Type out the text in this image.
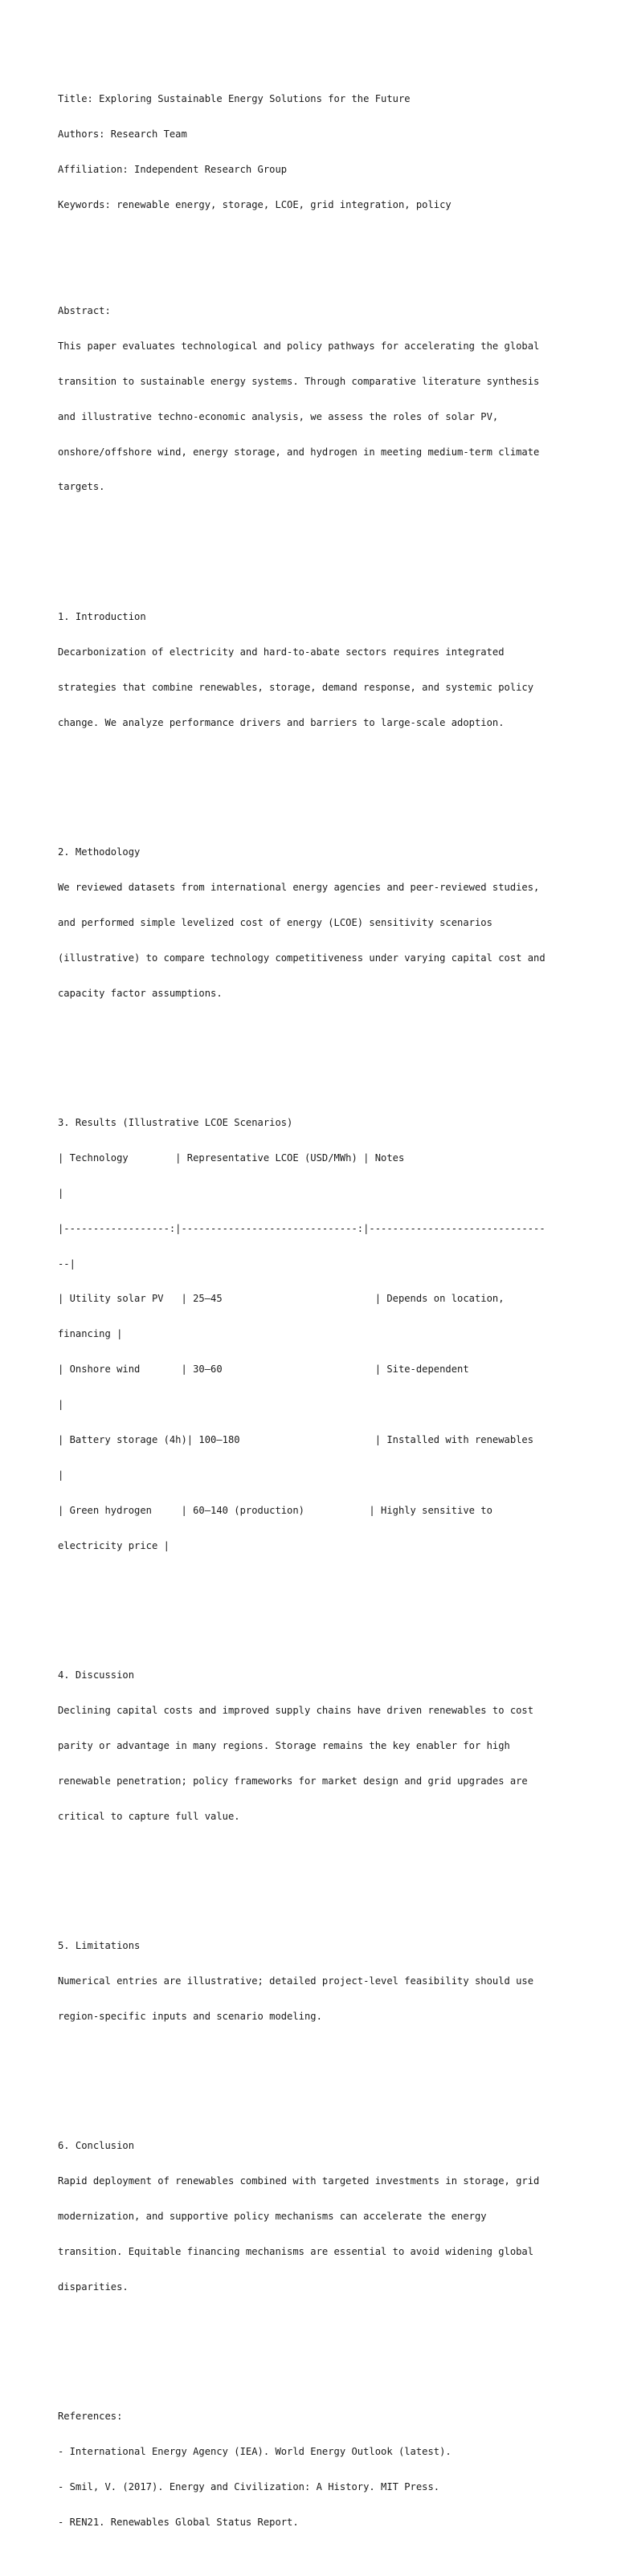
Title: Exploring Sustainable Energy Solutions for the Future

Authors: Research Team

Affiliation: Independent Research Group

Keywords: renewable energy, storage, LCOE, grid integration, policy

Abstract:

This paper evaluates technological and policy pathways for accelerating the global

transition to sustainable energy systems. Through comparative literature synthesis

and illustrative techno-economic analysis, we assess the roles of solar PV,

onshore/offshore wind, energy storage, and hydrogen in meeting medium-term climate

targets.

1. Introduction

Decarbonization of electricity and hard-to-abate sectors requires integrated

strategies that combine renewables, storage, demand response, and systemic policy

change. We analyze performance drivers and barriers to large-scale adoption.

2. Methodology

We reviewed datasets from international energy agencies and peer-reviewed studies,

and performed simple levelized cost of energy (LCOE) sensitivity scenarios

(illustrative) to compare technology competitiveness under varying capital cost and

capacity factor assumptions.

3. Results (Illustrative LCOE Scenarios)

| Technology        | Representative LCOE (USD/MWh) | Notes

|

|------------------:|------------------------------:|------------------------------

--|

| Utility solar PV   | 25–45                          | Depends on location,

financing |

| Onshore wind       | 30–60                          | Site-dependent

|

| Battery storage (4h)| 100–180                       | Installed with renewables

|

| Green hydrogen     | 60–140 (production)           | Highly sensitive to

electricity price |

4. Discussion

Declining capital costs and improved supply chains have driven renewables to cost

parity or advantage in many regions. Storage remains the key enabler for high

renewable penetration; policy frameworks for market design and grid upgrades are

critical to capture full value.

5. Limitations

Numerical entries are illustrative; detailed project-level feasibility should use

region-specific inputs and scenario modeling.

6. Conclusion

Rapid deployment of renewables combined with targeted investments in storage, grid

modernization, and supportive policy mechanisms can accelerate the energy

transition. Equitable financing mechanisms are essential to avoid widening global

disparities.

References:

- International Energy Agency (IEA). World Energy Outlook (latest).

- Smil, V. (2017). Energy and Civilization: A History. MIT Press.

- REN21. Renewables Global Status Report.
